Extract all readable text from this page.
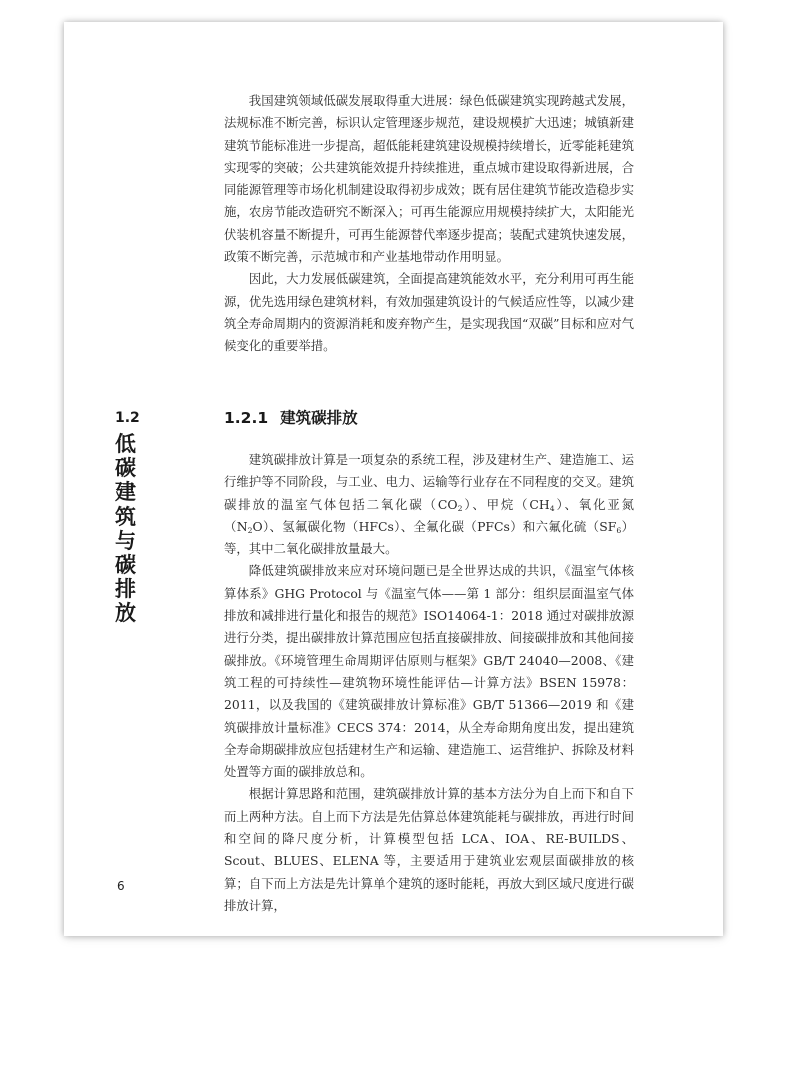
我国建筑领域低碳发展取得重大进展：绿色低碳建筑实现跨越式发展，法规标准不断完善，标识认定管理逐步规范，建设规模扩大迅速；城镇新建建筑节能标准进一步提高，超低能耗建筑建设规模持续增长，近零能耗建筑实现零的突破；公共建筑能效提升持续推进，重点城市建设取得新进展，合同能源管理等市场化机制建设取得初步成效；既有居住建筑节能改造稳步实施，农房节能改造研究不断深入；可再生能源应用规模持续扩大，太阳能光伏装机容量不断提升，可再生能源替代率逐步提高；装配式建筑快速发展，政策不断完善，示范城市和产业基地带动作用明显。

因此，大力发展低碳建筑，全面提高建筑能效水平，充分利用可再生能源，优先选用绿色建筑材料，有效加强建筑设计的气候适应性等，以减少建筑全寿命周期内的资源消耗和废弃物产生，是实现我国“双碳”目标和应对气候变化的重要举措。

1.2
低碳建筑与碳排放
1.2.1 建筑碳排放

建筑碳排放计算是一项复杂的系统工程，涉及建材生产、建造施工、运行维护等不同阶段，与工业、电力、运输等行业存在不同程度的交叉。建筑碳排放的温室气体包括二氧化碳$(CO_2)$、甲烷$(CH_4)$、氧化亚氮$(N_2O)$、氢氟碳化物（HFCs）、全氟化碳（PFCs）和六氟化硫$(SF_6)$等，其中二氧化碳排放量最大。

降低建筑碳排放来应对环境问题已是全世界达成的共识，《温室气体核算体系》GHG Protocol 与《温室气体——第 1 部分：组织层面温室气体排放和减排进行量化和报告的规范》ISO14064-1：2018 通过对碳排放源进行分类，提出碳排放计算范围应包括直接碳排放、间接碳排放和其他间接碳排放。《环境管理生命周期评估原则与框架》GB/T 24040—2008、《建筑工程的可持续性—建筑物环境性能评估—计算方法》BSEN 15978：2011，以及我国的《建筑碳排放计算标准》GB/T 51366—2019 和《建筑碳排放计量标准》CECS 374：2014，从全寿命期角度出发，提出建筑全寿命期碳排放应包括建材生产和运输、建造施工、运营维护、拆除及材料处置等方面的碳排放总和。

根据计算思路和范围，建筑碳排放计算的基本方法分为自上而下和自下而上两种方法。自上而下方法是先估算总体建筑能耗与碳排放，再进行时间和空间的降尺度分析，计算模型包括 LCA、IOA、RE-BUILDS、Scout、BLUES、ELENA 等，主要适用于建筑业宏观层面碳排放的核算；自下而上方法是先计算单个建筑的逐时能耗，再放大到区域尺度进行碳排放计算，

6
